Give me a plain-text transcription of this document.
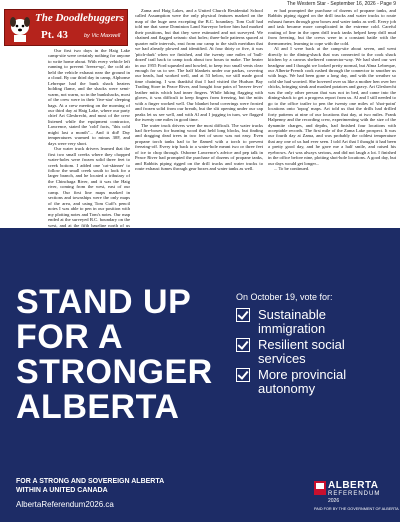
The Western Star - September 16, 2026 - Page 9
The Doodlebuggers
Pt. 43	by Vic Maxwell

Our first two days in the Haig Lake camp-site were certainly nothing for anyone to write home about. With every vehicle left running to prevent 'freeze-up', the cold air held the vehicle exhaust near the ground in a cloud. By our third day in camp, Alphonse Lebreque had the bunk shack heaters holding flame, and the shacks were semi-warm, not warm, so in the bunkshacks, most of the crew were in their 'five-star' sleeping bags. At a crew meeting on the morning of our third day at Haig Lake, where our party chief Art Glesbrecht, and most of the crew listened while the equipment contractor, Lawrence, stated the 'cold' facts, "this cold might last a month"... And it did! Day temperatures warmed to minus 30F, and days were very short.

Our water truck drivers learned that the first two small creeks where they chopped water-holes were frozen solid three feet to creek bottom. I added one 'cat-skinner' to follow the small creek south to look for a larger branch, and he located a tributary of the Chinchaga River, and it was the Haig river, coming from the west, east of our camp. Our first line maps marked in sections and townships were the only maps of the area, and using Tom Cuff's pencil notes I was able to pen in our position with my plotting notes and Tom's notes. Our map ended at the surveyed B.C. boundary on the west, and at the fifth baseline north of us

Zama and Haig Lakes, and a United Church Residential School called Assumption were the only physical features marked on the map of the huge area excepting the B.C. boundary. Tom Cuff had told me that some Dominion Land Surveyor before him had marked their positions, but that they were estimated and not surveyed. We chained and flagged seismic shot holes; three-hole patterns spaced at quarter mile intervals, east from our camp to the sixth meridian that we had already plowed and identified. At four thirty or five, it was 'pitch-dark' when we finished, and the twenty one miles of 'bull-dozed' trail back to camp took about two hours to make. The heater in our 1955 Ford squealed and howled, to keep two small vents clear enough for us to see. The half blankets under our parkas, covering our heads, had worked well, and at 53 below, we still made good time chaining. I was thankful that I had visited the Hudson Bay Trading Store in Peace River, and bought four pairs of 'beaver fever' leather mitts which had inner fingers. While hiking flagging with gloves, it was difficult to keep fingers from freezing, but the mitts with a finger worked well. Our blanket head coverings were frosted and frozen solid from our breath, but the slit opening under our cap peaks let us see well, and with Al and I jogging in turn, we flagged the twenty one miles in good time.

The water truck drivers were the most difficult. The water trucks had fire-boxes for burning wood that held long blocks, but finding and dragging dead trees in two feet of snow was not easy. Even propane torch tanks had to be flamed with a torch to prevent freezing-off. Every trip back to a water-hole meant two or three feet of ice to chop through. Osborne Lawrence's advice and pep talk in Peace River had prompted the purchase of dozens of propane tanks, and Rabbits piping rigged on the drill trucks and water trucks to route exhaust fumes through gear boxes and water tanks as well.

er had prompted the purchase of dozens of propane tanks, and Rabbits piping rigged on the drill trucks and water trucks to route exhaust fumes through gear boxes and water tanks as well. Every job and task became more complicated in the extreme cold. Careful routing of line in the open drill truck tanks helped keep drill mud from freezing, but the crews were in a constant battle with the thermometer, learning to cope with the cold.

Al and I were back at the camp-site about seven, and went directly to the dining-shack that was connected to the cook shack kitchen by a canvas sheltered connector-way. We had shed our wet headgear and I thought we looked pretty normal, but Alma Lebreque, our Alberta-French cook rushed through the connector to smother us with hugs. We had been gone a long day, and with the weather so cold she had worried. She hovered over us like a mother hen over her chicks, bringing steak and mashed potatoes and gravy. Art Glesbrecht was the only other person that was not in bed, and came into the dining-shack to get a progress report from us. Al and I still needed to go to the office trailer to pen the twenty one miles of 'shot-point' locations onto 'topog' maps. Art told us that the drills had drilled forty patterns at nine of our locations that day, at two miles. Frank Halpenny and the recording crew, experimenting with the size of the dynamite charges, and depths, had finished four locations with acceptable records. The first mile of the Zama Lake prospect. It was our fourth day at Zama, and was probably the coldest temperature that any one of us had ever seen. I told Art that I thought it had been a pretty good day, and he gave me a half smile, and raised his eyebrows. Art was always serious, and did not laugh a lot. I finished in the office before nine, plotting shot-hole locations. A good day, but our days would get longer...

... To be continued.

STAND UP FOR A STRONGER ALBERTA
On October 19, vote for:
Sustainable immigration
Resilient social services
More provincial autonomy
FOR A STRONG AND SOVEREIGN ALBERTA
WITHIN A UNITED CANADA
AlbertaReferendum2026.ca
ALBERTA
REFERENDUM
2026
PAID FOR BY THE GOVERNMENT OF ALBERTA
